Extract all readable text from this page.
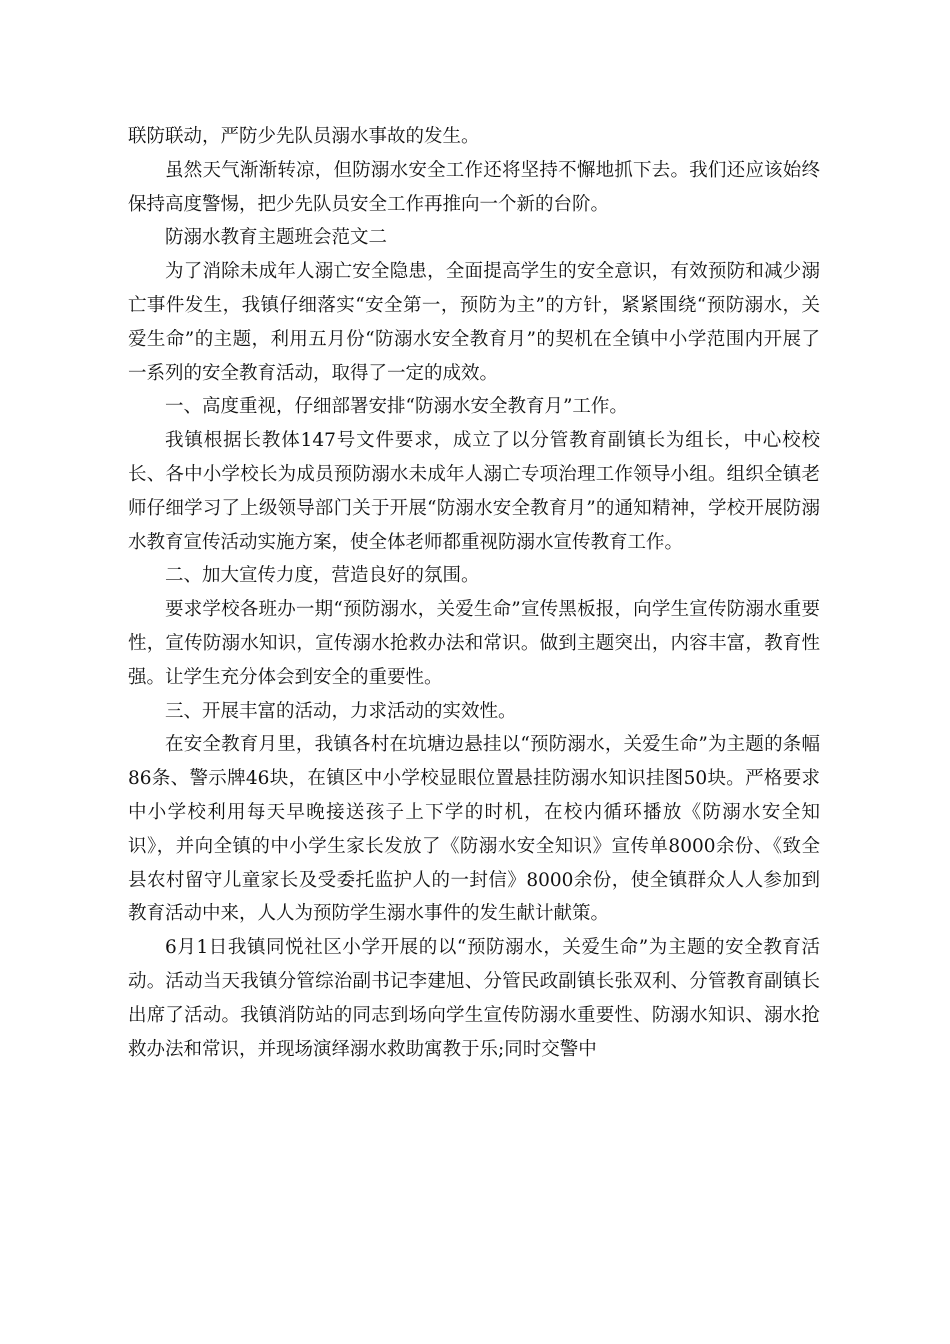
联防联动，严防少先队员溺水事故的发生。

虽然天气渐渐转凉，但防溺水安全工作还将坚持不懈地抓下去。我们还应该始终保持高度警惕，把少先队员安全工作再推向一个新的台阶。

防溺水教育主题班会范文二

为了消除未成年人溺亡安全隐患，全面提高学生的安全意识，有效预防和减少溺亡事件发生，我镇仔细落实“安全第一，预防为主”的方针，紧紧围绕“预防溺水，关爱生命”的主题，利用五月份“防溺水安全教育月”的契机在全镇中小学范围内开展了一系列的安全教育活动，取得了一定的成效。

一、高度重视，仔细部署安排“防溺水安全教育月”工作。

我镇根据长教体147号文件要求，成立了以分管教育副镇长为组长，中心校校长、各中小学校长为成员预防溺水未成年人溺亡专项治理工作领导小组。组织全镇老师仔细学习了上级领导部门关于开展“防溺水安全教育月”的通知精神，学校开展防溺水教育宣传活动实施方案，使全体老师都重视防溺水宣传教育工作。

二、加大宣传力度，营造良好的氛围。

要求学校各班办一期“预防溺水，关爱生命”宣传黑板报，向学生宣传防溺水重要性，宣传防溺水知识，宣传溺水抢救办法和常识。做到主题突出，内容丰富，教育性强。让学生充分体会到安全的重要性。

三、开展丰富的活动，力求活动的实效性。

在安全教育月里，我镇各村在坑塘边悬挂以“预防溺水，关爱生命”为主题的条幅86条、警示牌46块，在镇区中小学校显眼位置悬挂防溺水知识挂图50块。严格要求中小学校利用每天早晚接送孩子上下学的时机，在校内循环播放《防溺水安全知识》，并向全镇的中小学生家长发放了《防溺水安全知识》宣传单8000余份、《致全县农村留守儿童家长及受委托监护人的一封信》8000余份，使全镇群众人人参加到教育活动中来，人人为预防学生溺水事件的发生献计献策。

6月1日我镇同悦社区小学开展的以“预防溺水，关爱生命”为主题的安全教育活动。活动当天我镇分管综治副书记李建旭、分管民政副镇长张双利、分管教育副镇长出席了活动。我镇消防站的同志到场向学生宣传防溺水重要性、防溺水知识、溺水抢救办法和常识，并现场演绎溺水救助寓教于乐;同时交警中
